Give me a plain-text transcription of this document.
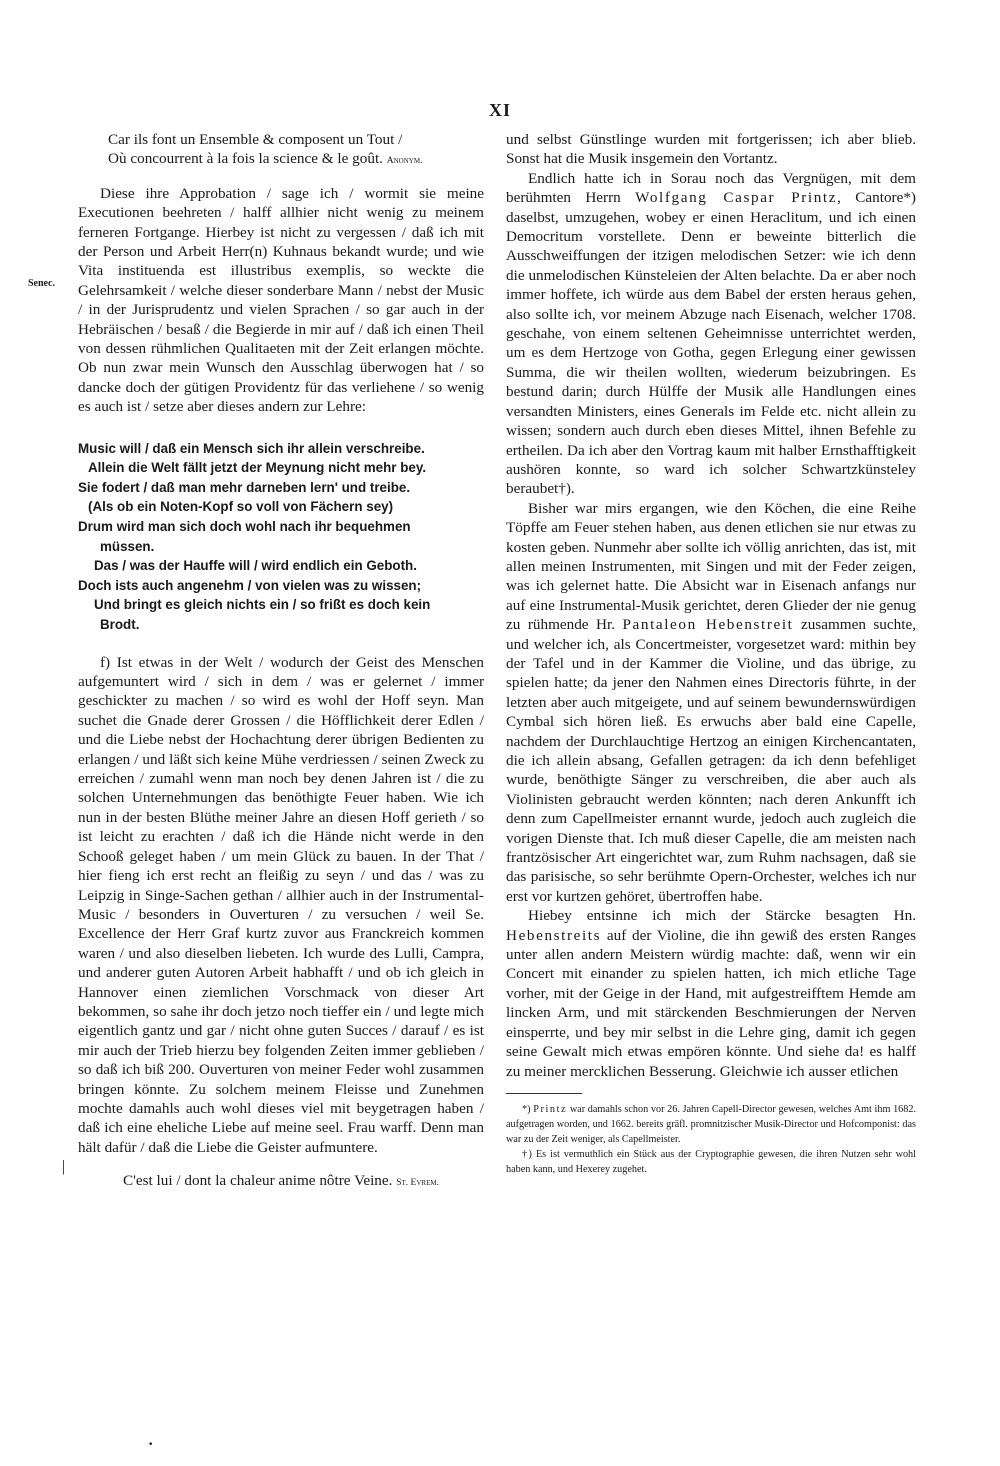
XI
Senec.
Car ils font un Ensemble & composent un Tout /
Où concourrent à la fois la science & le goût. Anonym.

Diese ihre Approbation / sage ich / wormit sie meine Executionen beehreten / halff allhier nicht wenig zu meinem ferneren Fortgange. Hierbey ist nicht zu vergessen / daß ich mit der Person und Arbeit Herr(n) Kuhnaus bekandt wurde; und wie Vita instituenda est illustribus exemplis, so weckte die Gelehrsamkeit / welche dieser sonderbare Mann / nebst der Music / in der Jurisprudentz und vielen Sprachen / so gar auch in der Hebräischen / besaß / die Begierde in mir auf / daß ich einen Theil von dessen rühmlichen Qualitaeten mit der Zeit erlangen möchte. Ob nun zwar mein Wunsch den Ausschlag überwogen hat / so dancke doch der gütigen Providentz für das verliehene / so wenig es auch ist / setze aber dieses andern zur Lehre:

Music will / daß ein Mensch sich ihr allein verschreibe.
Allein die Welt fällt jetzt der Meynung nicht mehr bey.
Sie fodert / daß man mehr darneben lern' und treibe.
(Als ob ein Noten-Kopf so voll von Fächern sey)
Drum wird man sich doch wohl nach ihr bequehmen
müssen.
Das / was der Hauffe will / wird endlich ein Geboth.
Doch ists auch angenehm / von vielen was zu wissen;
Und bringt es gleich nichts ein / so frißt es doch kein
Brodt.

f) Ist etwas in der Welt / wodurch der Geist des Menschen aufgemuntert wird / sich in dem / was er gelernet / immer geschickter zu machen / so wird es wohl der Hoff seyn. Man suchet die Gnade derer Grossen / die Höfflichkeit derer Edlen / und die Liebe nebst der Hochachtung derer übrigen Bedienten zu erlangen / und läßt sich keine Mühe verdriessen / seinen Zweck zu erreichen / zumahl wenn man noch bey denen Jahren ist / die zu solchen Unternehmungen das benöthigte Feuer haben. Wie ich nun in der besten Blüthe meiner Jahre an diesen Hoff gerieth / so ist leicht zu erachten / daß ich die Hände nicht werde in den Schooß geleget haben / um mein Glück zu bauen. In der That / hier fieng ich erst recht an fleißig zu seyn / und das / was zu Leipzig in Singe-Sachen gethan / allhier auch in der Instrumental-Music / besonders in Ouverturen / zu versuchen / weil Se. Excellence der Herr Graf kurtz zuvor aus Franckreich kommen waren / und also dieselben liebeten. Ich wurde des Lulli, Campra, und anderer guten Autoren Arbeit habhafft / und ob ich gleich in Hannover einen ziemlichen Vorschmack von dieser Art bekommen, so sahe ihr doch jetzo noch tieffer ein / und legte mich eigentlich gantz und gar / nicht ohne guten Succes / darauf / es ist mir auch der Trieb hierzu bey folgenden Zeiten immer geblieben / so daß ich biß 200. Ouverturen von meiner Feder wohl zusammen bringen könnte. Zu solchem meinem Fleisse und Zunehmen mochte damahls auch wohl dieses viel mit beygetragen haben / daß ich eine eheliche Liebe auf meine seel. Frau warff. Denn man hält dafür / daß die Liebe die Geister aufmuntere.

C'est lui / dont la chaleur anime nôtre Veine. St. Evrem.

und selbst Günstlinge wurden mit fortgerissen; ich aber blieb. Sonst hat die Musik insgemein den Vortantz.

Endlich hatte ich in Sorau noch das Vergnügen, mit dem berühmten Herrn Wolfgang Caspar Printz, Cantore*) daselbst, umzugehen, wobey er einen Heraclitum, und ich einen Democritum vorstellete. Denn er beweinte bitterlich die Ausschweiffungen der itzigen melodischen Setzer: wie ich denn die unmelodischen Künsteleien der Alten belachte. Da er aber noch immer hoffete, ich würde aus dem Babel der ersten heraus gehen, also sollte ich, vor meinem Abzuge nach Eisenach, welcher 1708. geschahe, von einem seltenen Geheimnisse unterrichtet werden, um es dem Hertzoge von Gotha, gegen Erlegung einer gewissen Summa, die wir theilen wollten, wiederum beizubringen. Es bestund darin; durch Hülffe der Musik alle Handlungen eines versandten Ministers, eines Generals im Felde etc. nicht allein zu wissen; sondern auch durch eben dieses Mittel, ihnen Befehle zu ertheilen. Da ich aber den Vortrag kaum mit halber Ernsthafftigkeit aushören konnte, so ward ich solcher Schwartzkünsteley beraubet†).

Bisher war mirs ergangen, wie den Köchen, die eine Reihe Töpffe am Feuer stehen haben, aus denen etlichen sie nur etwas zu kosten geben. Nunmehr aber sollte ich völlig anrichten, das ist, mit allen meinen Instrumenten, mit Singen und mit der Feder zeigen, was ich gelernet hatte. Die Absicht war in Eisenach anfangs nur auf eine Instrumental-Musik gerichtet, deren Glieder der nie genug zu rühmende Hr. Pantaleon Hebenstreit zusammen suchte, und welcher ich, als Concertmeister, vorgesetzet ward: mithin bey der Tafel und in der Kammer die Violine, und das übrige, zu spielen hatte; da jener den Nahmen eines Directoris führte, in der letzten aber auch mitgeigete, und auf seinem bewundernswürdigen Cymbal sich hören ließ. Es erwuchs aber bald eine Capelle, nachdem der Durchlauchtige Hertzog an einigen Kirchencantaten, die ich allein absang, Gefallen getragen: da ich denn befehliget wurde, benöthigte Sänger zu verschreiben, die aber auch als Violinisten gebraucht werden könnten; nach deren Ankunfft ich denn zum Capellmeister ernannt wurde, jedoch auch zugleich die vorigen Dienste that. Ich muß dieser Capelle, die am meisten nach frantzösischer Art eingerichtet war, zum Ruhm nachsagen, daß sie das parisische, so sehr berühmte Opern-Orchester, welches ich nur erst vor kurtzen gehöret, übertroffen habe.

Hiebey entsinne ich mich der Stärcke besagten Hn. Hebenstreits auf der Violine, die ihn gewiß des ersten Ranges unter allen andern Meistern würdig machte: daß, wenn wir ein Concert mit einander zu spielen hatten, ich mich etliche Tage vorher, mit der Geige in der Hand, mit aufgestreifftem Hemde am lincken Arm, und mit stärckenden Beschmierungen der Nerven einsperrte, und bey mir selbst in die Lehre ging, damit ich gegen seine Gewalt mich etwas empören könnte. Und siehe da! es halff zu meiner mercklichen Besserung. Gleichwie ich ausser etlichen

*) Printz war damahls schon vor 26. Jahren Capell-Director gewesen, welches Amt ihm 1682. aufgetragen worden, und 1662. bereits gräfl. promnitzischer Musik-Director und Hofcomponist: das war zu der Zeit weniger, als Capellmeister.
†) Es ist vermuthlich ein Stück aus der Cryptographie gewesen, die ihren Nutzen sehr wohl haben kann, und Hexerey zugehet.
|
·
